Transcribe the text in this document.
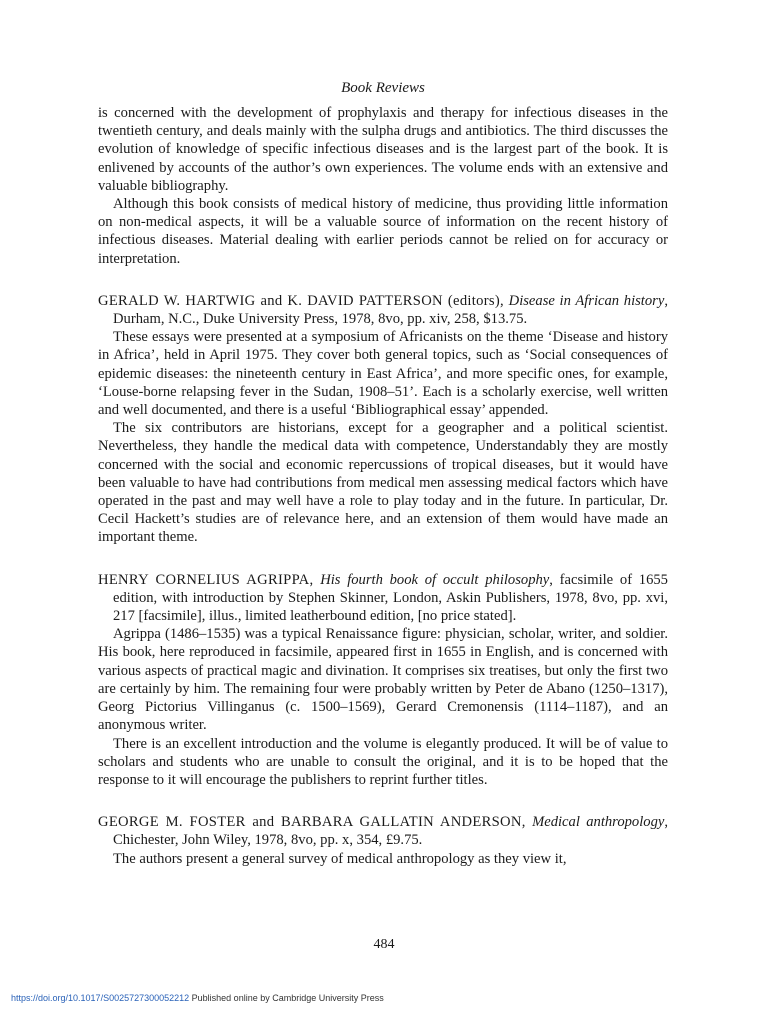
Book Reviews

is concerned with the development of prophylaxis and therapy for infectious diseases in the twentieth century, and deals mainly with the sulpha drugs and antibiotics. The third discusses the evolution of knowledge of specific infectious diseases and is the largest part of the book. It is enlivened by accounts of the author’s own experiences. The volume ends with an extensive and valuable bibliography.

Although this book consists of medical history of medicine, thus providing little information on non-medical aspects, it will be a valuable source of information on the recent history of infectious diseases. Material dealing with earlier periods cannot be relied on for accuracy or interpretation.

GERALD W. HARTWIG and K. DAVID PATTERSON (editors), Disease in African history, Durham, N.C., Duke University Press, 1978, 8vo, pp. xiv, 258, $13.75.

These essays were presented at a symposium of Africanists on the theme ‘Disease and history in Africa’, held in April 1975. They cover both general topics, such as ‘Social consequences of epidemic diseases: the nineteenth century in East Africa’, and more specific ones, for example, ‘Louse-borne relapsing fever in the Sudan, 1908–51’. Each is a scholarly exercise, well written and well documented, and there is a useful ‘Bibliographical essay’ appended.

The six contributors are historians, except for a geographer and a political scientist. Nevertheless, they handle the medical data with competence, Understandably they are mostly concerned with the social and economic repercussions of tropical diseases, but it would have been valuable to have had contributions from medical men assessing medical factors which have operated in the past and may well have a role to play today and in the future. In particular, Dr. Cecil Hackett’s studies are of relevance here, and an extension of them would have made an important theme.

HENRY CORNELIUS AGRIPPA, His fourth book of occult philosophy, facsimile of 1655 edition, with introduction by Stephen Skinner, London, Askin Publishers, 1978, 8vo, pp. xvi, 217 [facsimile], illus., limited leatherbound edition, [no price stated].

Agrippa (1486–1535) was a typical Renaissance figure: physician, scholar, writer, and soldier. His book, here reproduced in facsimile, appeared first in 1655 in English, and is concerned with various aspects of practical magic and divination. It comprises six treatises, but only the first two are certainly by him. The remaining four were probably written by Peter de Abano (1250–1317), Georg Pictorius Villinganus (c. 1500–1569), Gerard Cremonensis (1114–1187), and an anonymous writer.

There is an excellent introduction and the volume is elegantly produced. It will be of value to scholars and students who are unable to consult the original, and it is to be hoped that the response to it will encourage the publishers to reprint further titles.

GEORGE M. FOSTER and BARBARA GALLATIN ANDERSON, Medical anthropology, Chichester, John Wiley, 1978, 8vo, pp. x, 354, £9.75.

The authors present a general survey of medical anthropology as they view it,

484
https://doi.org/10.1017/S0025727300052212 Published online by Cambridge University Press
